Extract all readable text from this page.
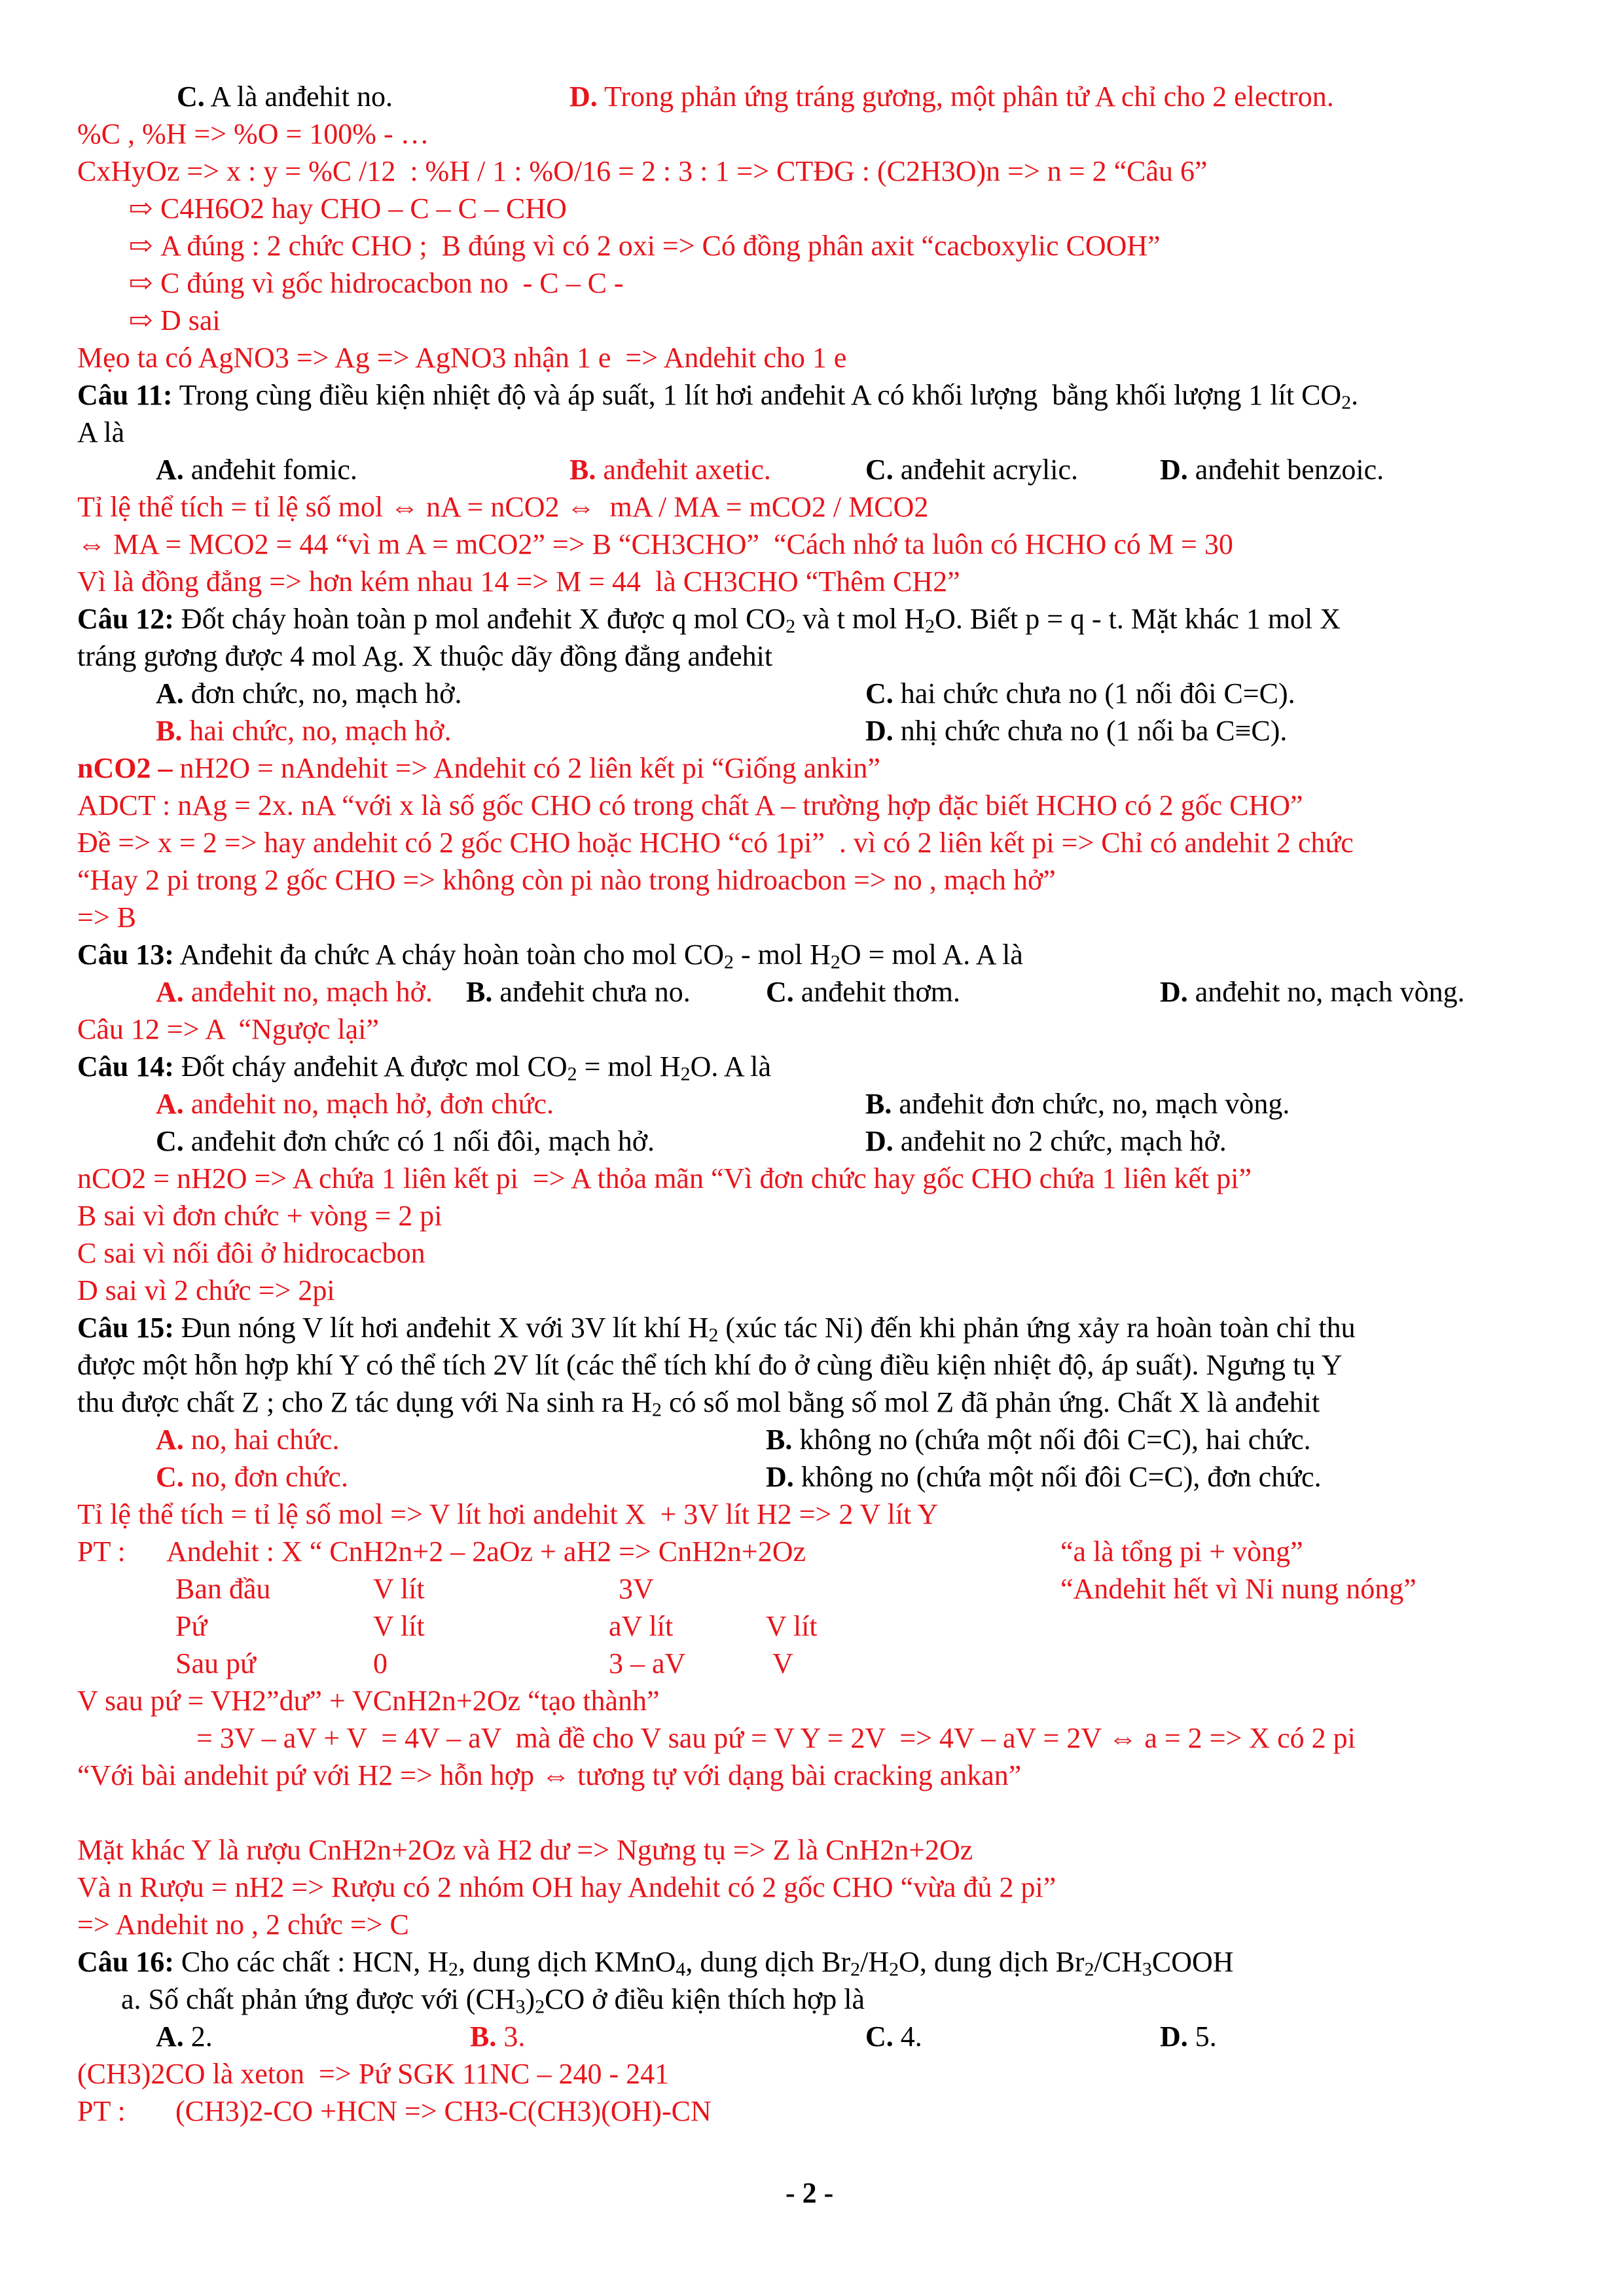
C. A là anđehit no.	D. Trong phản ứng tráng gương, một phân tử A chỉ cho 2 electron.
%C , %H => %O = 100% - …
CxHyOz => x : y = %C /12  : %H / 1 : %O/16 = 2 : 3 : 1 => CTĐG : (C2H3O)n => n = 2 “Câu 6”
⇨ C4H6O2 hay CHO – C – C – CHO
⇨ A đúng : 2 chức CHO ;  B đúng vì có 2 oxi => Có đồng phân axit “cacboxylic COOH”
⇨ C đúng vì gốc hidrocacbon no  - C – C -
⇨ D sai
Mẹo ta có AgNO3 => Ag => AgNO3 nhận 1 e  => Andehit cho 1 e
Câu 11: Trong cùng điều kiện nhiệt độ và áp suất, 1 lít hơi anđehit A có khối lượng  bằng khối lượng 1 lít $CO_2$.
A là
A. anđehit fomic.	B. anđehit axetic.	C. anđehit acrylic.	D. anđehit benzoic.
Tỉ lệ thể tích = tỉ lệ số mol ⇔ nA = nCO2 ⇔  mA / MA = mCO2 / MCO2
⇔ MA = MCO2 = 44 “vì m A = mCO2” => B “CH3CHO”  “Cách nhớ ta luôn có HCHO có M = 30
Vì là đồng đẳng => hơn kém nhau 14 => M = 44  là CH3CHO “Thêm CH2”
Câu 12: Đốt cháy hoàn toàn p mol anđehit X được q mol $CO_2$ và t mol $H_2O$. Biết p = q - t. Mặt khác 1 mol X
tráng gương được 4 mol Ag. X thuộc dãy đồng đẳng anđehit
A. đơn chức, no, mạch hở.	C. hai chức chưa no (1 nối đôi C=C).
B. hai chức, no, mạch hở.	D. nhị chức chưa no (1 nối ba C≡C).
nCO2 – nH2O = nAndehit => Andehit có 2 liên kết pi “Giống ankin”
ADCT : nAg = 2x. nA “với x là số gốc CHO có trong chất A – trường hợp đặc biết HCHO có 2 gốc CHO”
Đề => x = 2 => hay andehit có 2 gốc CHO hoặc HCHO “có 1pi”  . vì có 2 liên kết pi => Chỉ có andehit 2 chức
“Hay 2 pi trong 2 gốc CHO => không còn pi nào trong hidroacbon => no , mạch hở”
=> B
Câu 13: Anđehit đa chức A cháy hoàn toàn cho mol $CO_2$ - mol $H_2O$ = mol A. A là
A. anđehit no, mạch hở. B. anđehit chưa no.	C. anđehit thơm.	D. anđehit no, mạch vòng.
Câu 12 => A  “Ngược lại”
Câu 14: Đốt cháy anđehit A được mol $CO_2$ = mol $H_2O$. A là
A. anđehit no, mạch hở, đơn chức.	B. anđehit đơn chức, no, mạch vòng.
C. anđehit đơn chức có 1 nối đôi, mạch hở.	D. anđehit no 2 chức, mạch hở.
nCO2 = nH2O => A chứa 1 liên kết pi  => A thỏa mãn “Vì đơn chức hay gốc CHO chứa 1 liên kết pi”
B sai vì đơn chức + vòng = 2 pi
C sai vì nối đôi ở hidrocacbon
D sai vì 2 chức => 2pi
Câu 15: Đun nóng V lít hơi anđehit X với 3V lít khí $H_2$ (xúc tác Ni) đến khi phản ứng xảy ra hoàn toàn chỉ thu
được một hỗn hợp khí Y có thể tích 2V lít (các thể tích khí đo ở cùng điều kiện nhiệt độ, áp suất). Ngưng tụ Y
thu được chất Z ; cho Z tác dụng với Na sinh ra $H_2$ có số mol bằng số mol Z đã phản ứng. Chất X là anđehit
A. no, hai chức.	B. không no (chứa một nối đôi C=C), hai chức.
C. no, đơn chức.	D. không no (chứa một nối đôi C=C), đơn chức.
Tỉ lệ thể tích = tỉ lệ số mol => V lít hơi andehit X  + 3V lít H2 => 2 V lít Y
PT : Andehit : X “ CnH2n+2 – 2aOz + aH2 => CnH2n+2Oz	“a là tổng pi + vòng”
Ban đầu	V lít	3V	“Andehit hết vì Ni nung nóng”
Pứ	V lít	aV lít	V lít
Sau pứ	0	3 – aV	V
V sau pứ = VH2”dư” + VCnH2n+2Oz “tạo thành”
= 3V – aV + V  = 4V – aV  mà đề cho V sau pứ = V Y = 2V  => 4V – aV = 2V ⇔ a = 2 => X có 2 pi
“Với bài andehit pứ với H2 => hỗn hợp ⇔ tương tự với dạng bài cracking ankan”
Mặt khác Y là rượu CnH2n+2Oz và H2 dư => Ngưng tụ => Z là CnH2n+2Oz
Và n Rượu = nH2 => Rượu có 2 nhóm OH hay Andehit có 2 gốc CHO “vừa đủ 2 pi”
=> Andehit no , 2 chức => C
Câu 16: Cho các chất : HCN, $H_2$, dung dịch KMnO$_4$, dung dịch $Br_2/H_2O$, dung dịch $Br_2/CH_3COOH$
a. Số chất phản ứng được với $(CH_3)_2CO$ ở điều kiện thích hợp là
A. 2.	B. 3.	C. 4.	D. 5.
(CH3)2CO là xeton  => Pứ SGK 11NC – 240 - 241
PT : (CH3)2-CO +HCN => CH3-C(CH3)(OH)-CN
- 2 -
